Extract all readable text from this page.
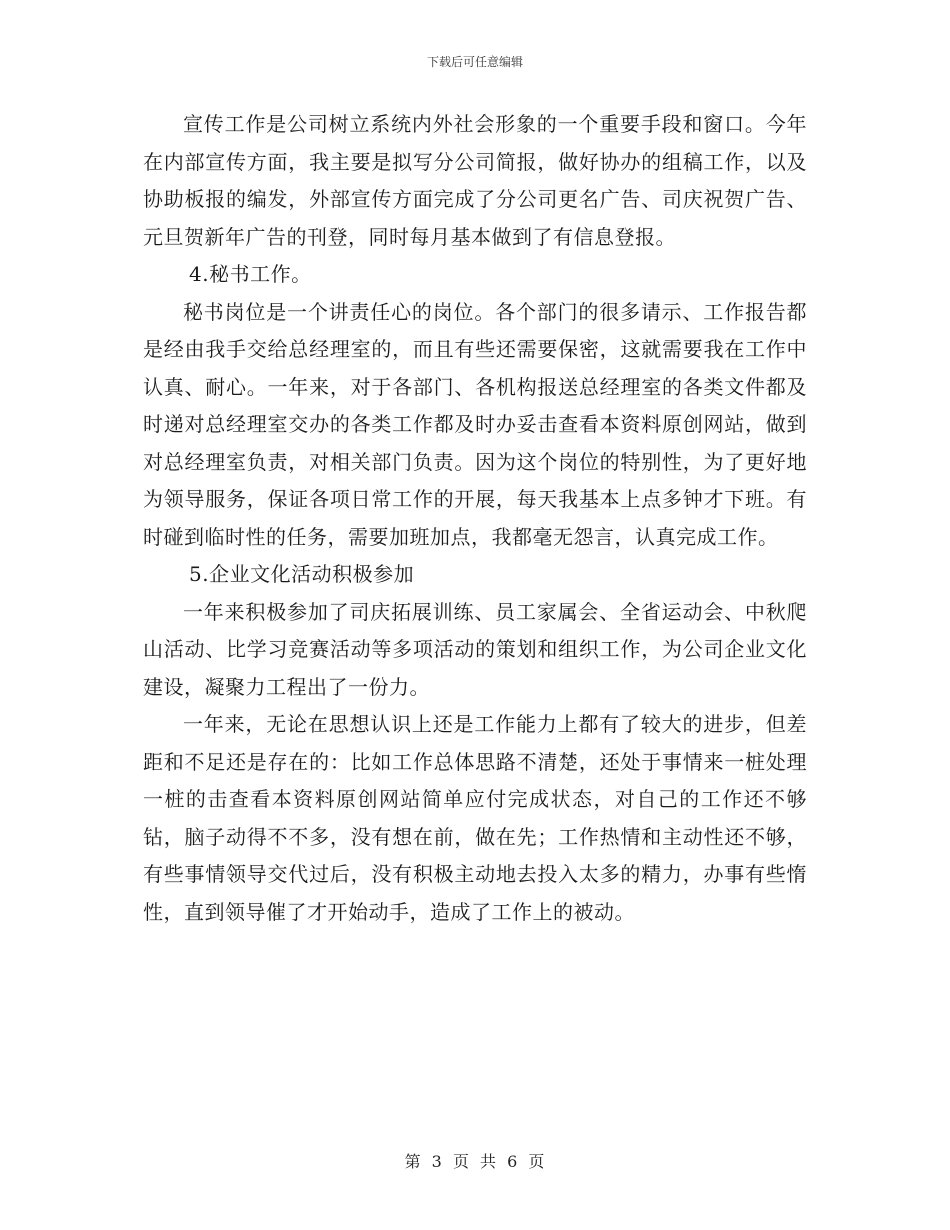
下载后可任意编辑

宣传工作是公司树立系统内外社会形象的一个重要手段和窗口。今年在内部宣传方面，我主要是拟写分公司简报，做好协办的组稿工作，以及协助板报的编发，外部宣传方面完成了分公司更名广告、司庆祝贺广告、元旦贺新年广告的刊登，同时每月基本做到了有信息登报。

4.秘书工作。

秘书岗位是一个讲责任心的岗位。各个部门的很多请示、工作报告都是经由我手交给总经理室的，而且有些还需要保密，这就需要我在工作中认真、耐心。一年来，对于各部门、各机构报送总经理室的各类文件都及时递对总经理室交办的各类工作都及时办妥击查看本资料原创网站，做到对总经理室负责，对相关部门负责。因为这个岗位的特别性，为了更好地为领导服务，保证各项日常工作的开展，每天我基本上点多钟才下班。有时碰到临时性的任务，需要加班加点，我都毫无怨言，认真完成工作。

5.企业文化活动积极参加

一年来积极参加了司庆拓展训练、员工家属会、全省运动会、中秋爬山活动、比学习竞赛活动等多项活动的策划和组织工作，为公司企业文化建设，凝聚力工程出了一份力。

一年来，无论在思想认识上还是工作能力上都有了较大的进步，但差距和不足还是存在的：比如工作总体思路不清楚，还处于事情来一桩处理一桩的击查看本资料原创网站简单应付完成状态，对自己的工作还不够钻，脑子动得不不多，没有想在前，做在先；工作热情和主动性还不够，有些事情领导交代过后，没有积极主动地去投入太多的精力，办事有些惰性，直到领导催了才开始动手，造成了工作上的被动。

第 3 页 共 6 页
